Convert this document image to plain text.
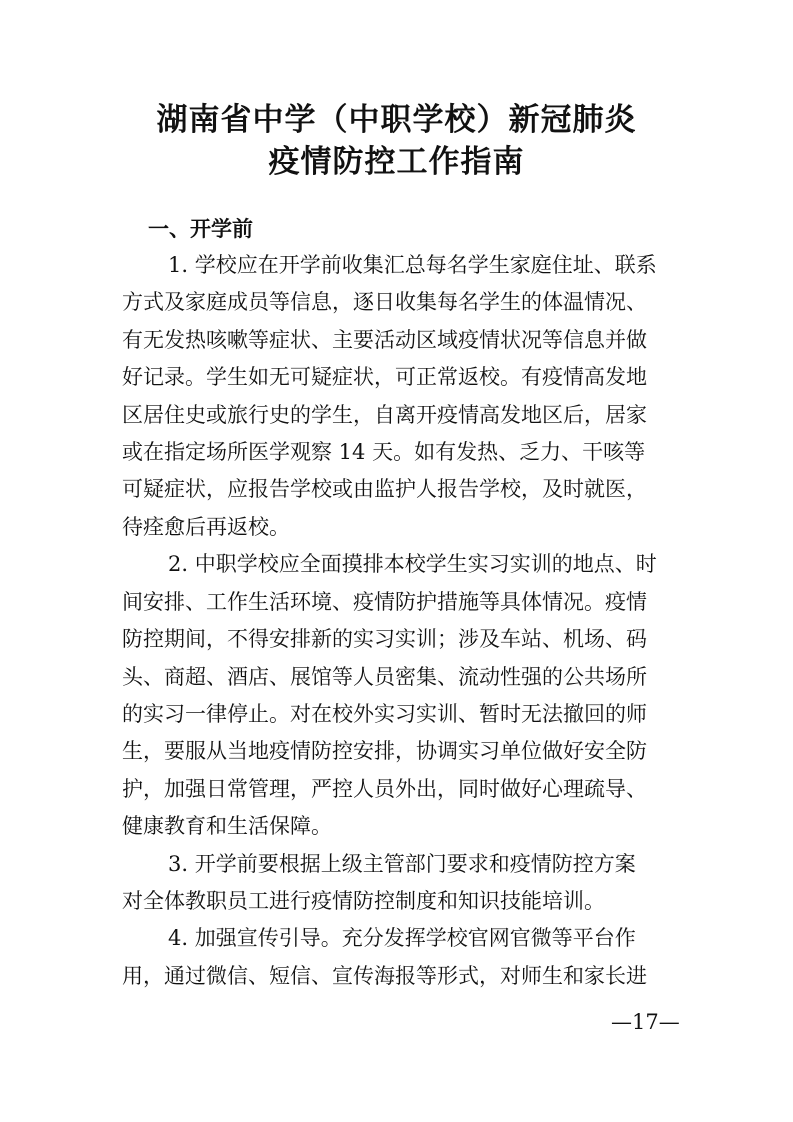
湖南省中学（中职学校）新冠肺炎
疫情防控工作指南
一、开学前
1. 学校应在开学前收集汇总每名学生家庭住址、联系
方式及家庭成员等信息，逐日收集每名学生的体温情况、
有无发热咳嗽等症状、主要活动区域疫情状况等信息并做
好记录。学生如无可疑症状，可正常返校。有疫情高发地
区居住史或旅行史的学生，自离开疫情高发地区后，居家
或在指定场所医学观察 14 天。如有发热、乏力、干咳等
可疑症状，应报告学校或由监护人报告学校，及时就医，
待痊愈后再返校。
2. 中职学校应全面摸排本校学生实习实训的地点、时
间安排、工作生活环境、疫情防护措施等具体情况。疫情
防控期间，不得安排新的实习实训；涉及车站、机场、码
头、商超、酒店、展馆等人员密集、流动性强的公共场所
的实习一律停止。对在校外实习实训、暂时无法撤回的师
生，要服从当地疫情防控安排，协调实习单位做好安全防
护，加强日常管理，严控人员外出，同时做好心理疏导、
健康教育和生活保障。
3. 开学前要根据上级主管部门要求和疫情防控方案
对全体教职员工进行疫情防控制度和知识技能培训。
4. 加强宣传引导。充分发挥学校官网官微等平台作
用，通过微信、短信、宣传海报等形式，对师生和家长进
—17—
